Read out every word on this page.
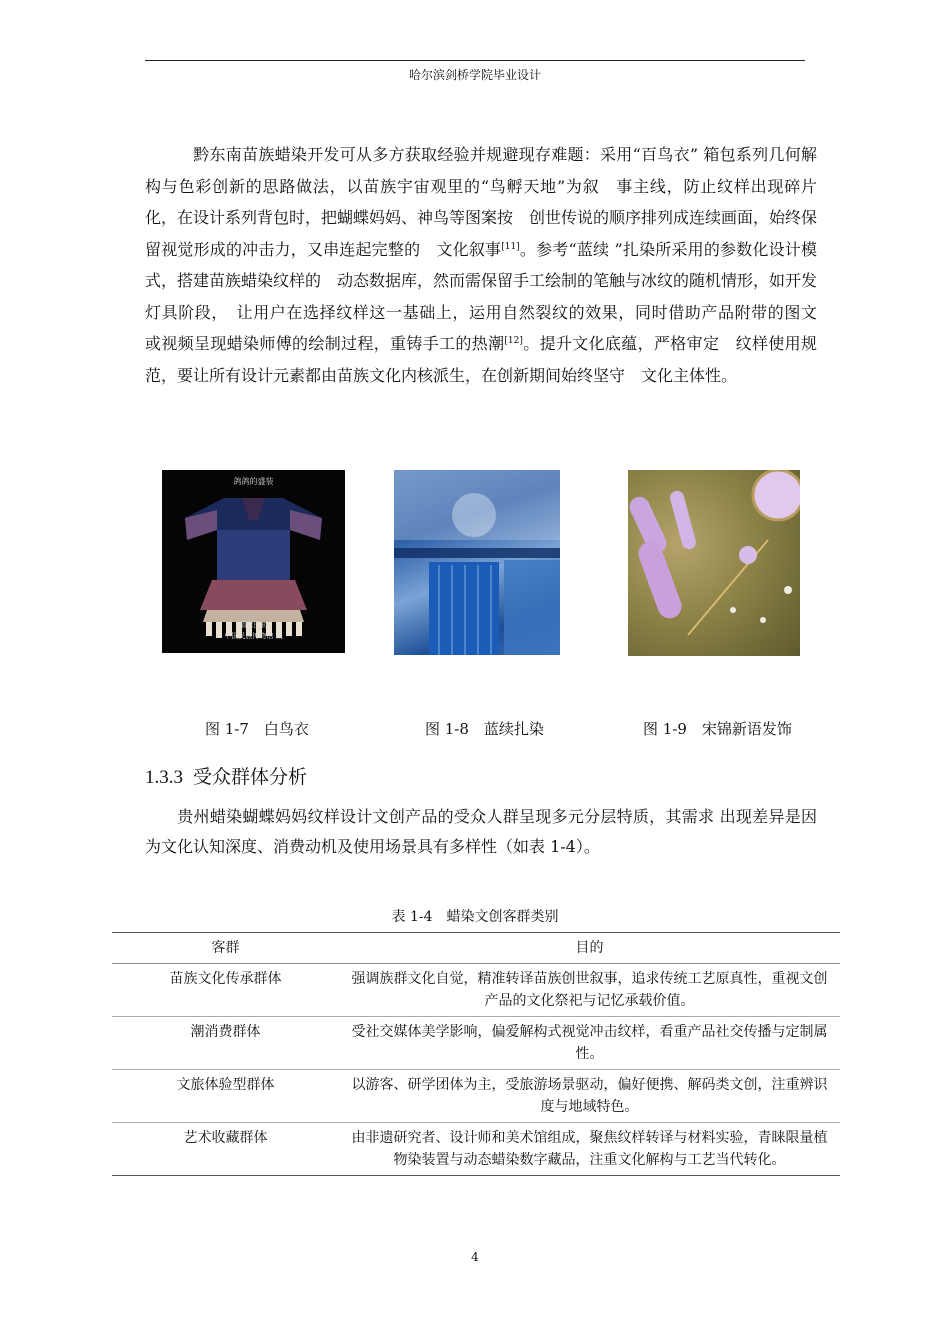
哈尔滨剑桥学院毕业设计
黔东南苗族蜡染开发可从多方获取经验并规避现存难题：采用“百鸟衣” 箱包系列几何解构与色彩创新的思路做法，以苗族宇宙观里的“鸟孵天地”为叙　事主线，防止纹样出现碎片化，在设计系列背包时，把蝴蝶妈妈、神鸟等图案按　创世传说的顺序排列成连续画面，始终保留视觉形成的冲击力，又串连起完整的　文化叙事[11]。参考“蓝续 ”扎染所采用的参数化设计模式，搭建苗族蜡染纹样的　动态数据库，然而需保留手工绘制的笔触与冰纹的随机情形，如开发灯具阶段，　让用户在选择纹样这一基础上，运用自然裂纹的效果，同时借助产品附带的图文　或视频呈现蜡染师傅的绘制过程，重铸手工的热潮[12]。提升文化底蕴，严格审定　纹样使用规范，要让所有设计元素都由苗族文化内核派生，在创新期间始终坚守　文化主体性。
鸽鸽的盛装
清末民初
中国民族博物馆 藏
图 1-7　白鸟衣	图 1-8　蓝续扎染	图 1-9　宋锦新语发饰
1.3.3 受众群体分析
贵州蜡染蝴蝶妈妈纹样设计文创产品的受众人群呈现多元分层特质，其需求 出现差异是因为文化认知深度、消费动机及使用场景具有多样性（如表 1-4）。
表 1-4　蜡染文创客群类别
客群	目的
苗族文化传承群体	强调族群文化自觉，精准转译苗族创世叙事，追求传统工艺原真性，重视文创产品的文化祭祀与记忆承载价值。
潮消费群体	受社交媒体美学影响，偏爱解构式视觉冲击纹样，看重产品社交传播与定制属性。
文旅体验型群体	以游客、研学团体为主，受旅游场景驱动，偏好便携、解码类文创，注重辨识度与地域特色。
艺术收藏群体	由非遗研究者、设计师和美术馆组成，聚焦纹样转译与材料实验，青睐限量植物染装置与动态蜡染数字藏品，注重文化解构与工艺当代转化。
4
